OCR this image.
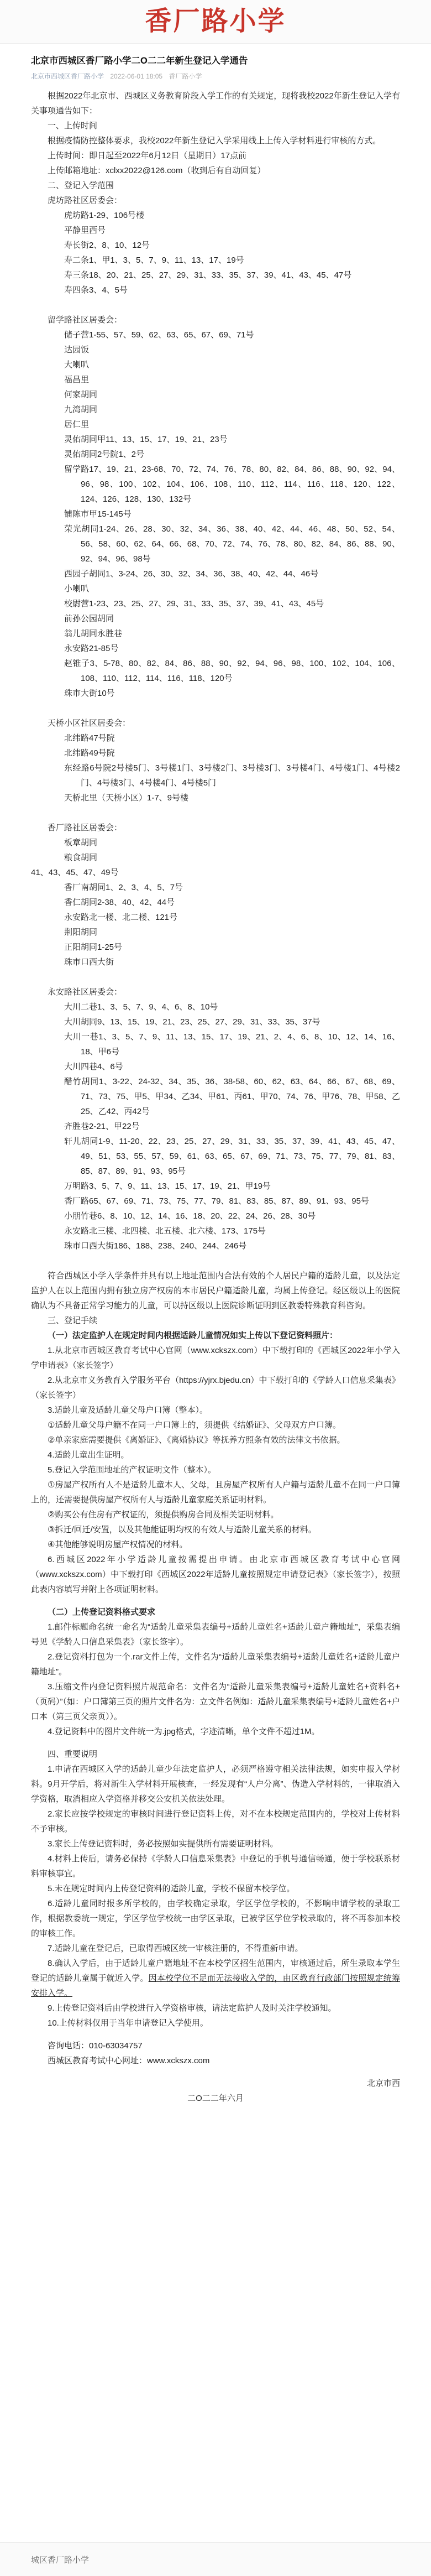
香厂路小学
北京市西城区香厂路小学二O二二年新生登记入学通告
北京市西城区香厂路小学 2022-06-01 18:05 香厂路小学

根据2022年北京市、西城区义务教育阶段入学工作的有关规定，现将我校2022年新生登记入学有关事项通告如下：

一、上传时间

根据疫情防控整体要求，我校2022年新生登记入学采用线上上传入学材料进行审核的方式。

上传时间：即日起至2022年6月12日（星期日）17点前

上传邮箱地址：xclxx2022@126.com（收到后有自动回复）

二、登记入学范围

虎坊路社区居委会：

虎坊路1-29、106号楼

平静里西号

寿长街2、8、10、12号

寿二条1、甲1、3、5、7、9、11、13、17、19号

寿三条18、20、21、25、27、29、31、33、35、37、39、41、43、45、47号

寿四条3、4、5号

留学路社区居委会：

储子营1-55、57、59、62、63、65、67、69、71号

达园饭

大喇叭

福昌里

何家胡同

九湾胡同

居仁里

灵佑胡同甲11、13、15、17、19、21、23号

灵佑胡同2号院1、2号

留学路17、19、21、23-68、70、72、74、76、78、80、82、84、86、88、90、92、94、96、98、100、102、104、106、108、110、112、114、116、118、120、122、124、126、128、130、132号

铺陈市甲15-145号

荣光胡同1-24、26、28、30、32、34、36、38、40、42、44、46、48、50、52、54、56、58、60、62、64、66、68、70、72、74、76、78、80、82、84、86、88、90、92、94、96、98号

西园子胡同1、3-24、26、30、32、34、36、38、40、42、44、46号

小喇叭

校尉营1-23、23、25、27、29、31、33、35、37、39、41、43、45号

前孙公园胡同

翁儿胡同永胜巷

永安路21-85号

赵锥子3、5-78、80、82、84、86、88、90、92、94、96、98、100、102、104、106、108、110、112、114、116、118、120号

珠市大街10号

天桥小区社区居委会：

北纬路47号院

北纬路49号院

东经路6号院2号楼5门、3号楼1门、3号楼2门、3号楼3门、3号楼4门、4号楼1门、4号楼2门、4号楼3门、4号楼4门、4号楼5门

天桥北里（天桥小区）1-7、9号楼

香厂路社区居委会：

板章胡同

粮食胡同

41、43、45、47、49号

香厂南胡同1、2、3、4、5、7号

香仁胡同2-38、40、42、44号

永安路北一楼、北二楼、121号

荆阳胡同

正阳胡同1-25号

珠市口西大街

永安路社区居委会：

大川二巷1、3、5、7、9、4、6、8、10号

大川胡同9、13、15、19、21、23、25、27、29、31、33、35、37号

大川一巷1、3、5、7、9、11、13、15、17、19、21、2、4、6、8、10、12、14、16、18、甲6号

大川四巷4、6号

醋竹胡同1、3-22、24-32、34、35、36、38-58、60、62、63、64、66、67、68、69、71、73、75、甲5、甲34、乙34、甲61、丙61、甲70、74、76、甲76、78、甲58、乙25、乙42、丙42号

齐胜巷2-21、甲22号

轩儿胡同1-9、11-20、22、23、25、27、29、31、33、35、37、39、41、43、45、47、49、51、53、55、57、59、61、63、65、67、69、71、73、75、77、79、81、83、85、87、89、91、93、95号

万明路3、5、7、9、11、13、15、17、19、21、甲19号

香厂路65、67、69、71、73、75、77、79、81、83、85、87、89、91、93、95号

小朋竹巷6、8、10、12、14、16、18、20、22、24、26、28、30号

永安路北三楼、北四楼、北五楼、北六楼、173、175号

珠市口西大街186、188、238、240、244、246号

符合西城区小学入学条件并具有以上地址范围内合法有效的个人居民户籍的适龄儿童，以及法定监护人在以上范围内拥有独立房产权房的本市居民户籍适龄儿童，均属上传登记。经区级以上的医院确认为不具备正常学习能力的儿童，可以持区级以上医院诊断证明到区教委特殊教育科咨询。

三、登记手续

（一）法定监护人在规定时间内根据适龄儿童情况如实上传以下登记资料照片：

1.从北京市西城区教育考试中心官网（www.xckszx.com）中下载打印的《西城区2022年小学入学申请表》（家长签字）

2.从北京市义务教育入学服务平台（https://yjrx.bjedu.cn）中下载打印的《学龄人口信息采集表》（家长签字）

3.适龄儿童及适龄儿童父母户口簿（整本）。

①适龄儿童父母户籍不在同一户口簿上的，须提供《结婚证》、父母双方户口簿。

②单亲家庭需要提供《离婚证》、《离婚协议》等抚养方照条有效的法律文书依据。

4.适龄儿童出生证明。

5.登记入学范围地址的产权证明文件（整本）。

①房屋产权所有人不是适龄儿童本人、父母，且房屋产权所有人户籍与适龄儿童不在同一户口簿上的，还需要提供房屋产权所有人与适龄儿童家庭关系证明材料。

②购买公有住房有产权证的，须提供购房合同及相关证明材料。

③拆迁/回迁/安置，以及其他能证明均权的有效人与适龄儿童关系的材料。

④其他能够说明房屋产权情况的材料。

6.西城区2022年小学适龄儿童按需提出申请。由北京市西城区教育考试中心官网（www.xckszx.com）中下载打印《西城区2022年适龄儿童按照规定申请登记表》（家长签字），按照此表内容填写并附上各项证明材料。

（二）上传登记资料格式要求

1.邮件标题命名统一命名为“适龄儿童采集表编号+适龄儿童姓名+适龄儿童户籍地址”，采集表编号见《学龄人口信息采集表》（家长签字）。

2.登记资料打包为一个.rar文件上传，文件名为“适龄儿童采集表编号+适龄儿童姓名+适龄儿童户籍地址”。

3.压缩文件内登记资料照片规范命名：文件名为“适龄儿童采集表编号+适龄儿童姓名+资料名+（页码）”（如：户口簿第三页的照片文件名为：立文件名例如：适龄儿童采集表编号+适龄儿童姓名+户口本（第三页父亲页））。

4.登记资料中的图片文件统一为.jpg格式，字迹清晰，单个文件不超过1M。

四、重要说明

1.申请在西城区入学的适龄儿童少年法定监护人，必须严格遵守相关法律法规，如实申报入学材料。9月开学后，将对新生入学材料开展核查，一经发现有“人户分离”、伪造入学材料的，一律取消入学资格，取消相应入学资格并移交公安机关依法处理。

2.家长应按学校规定的审核时间进行登记资料上传，对不在本校规定范围内的，学校对上传材料不予审核。

3.家长上传登记资料时，务必按照如实提供所有需要证明材料。

4.材料上传后，请务必保持《学龄人口信息采集表》中登记的手机号通信畅通，便于学校联系材料审核事宜。

5.未在规定时间内上传登记资料的适龄儿童，学校不保留本校学位。

6.适龄儿童同时报多所学校的，由学校确定录取，学区学位学校的，不影响申请学校的录取工作，根据教委统一规定，学区学位学校统一由学区录取，已被学区学位学校录取的，将不再参加本校的审核工作。

7.适龄儿童在登记后，已取得西城区统一审核注册的，不得重新申请。

8.确认入学后，由于适龄儿童户籍地址不在本校学区招生范围内，审核通过后，所生录取本学生登记的适龄儿童属于就近入学。因本校学位不足而无法接收入学的，由区教育行政部门按照规定统筹安排入学。

9.上传登记资料后由学校进行入学资格审核，请法定监护人及时关注学校通知。

10.上传材料仅用于当年申请登记入学使用。

咨询电话：010-63034757

西城区教育考试中心网址：www.xckszx.com

北京市西

二O二二年六月

城区香厂路小学
